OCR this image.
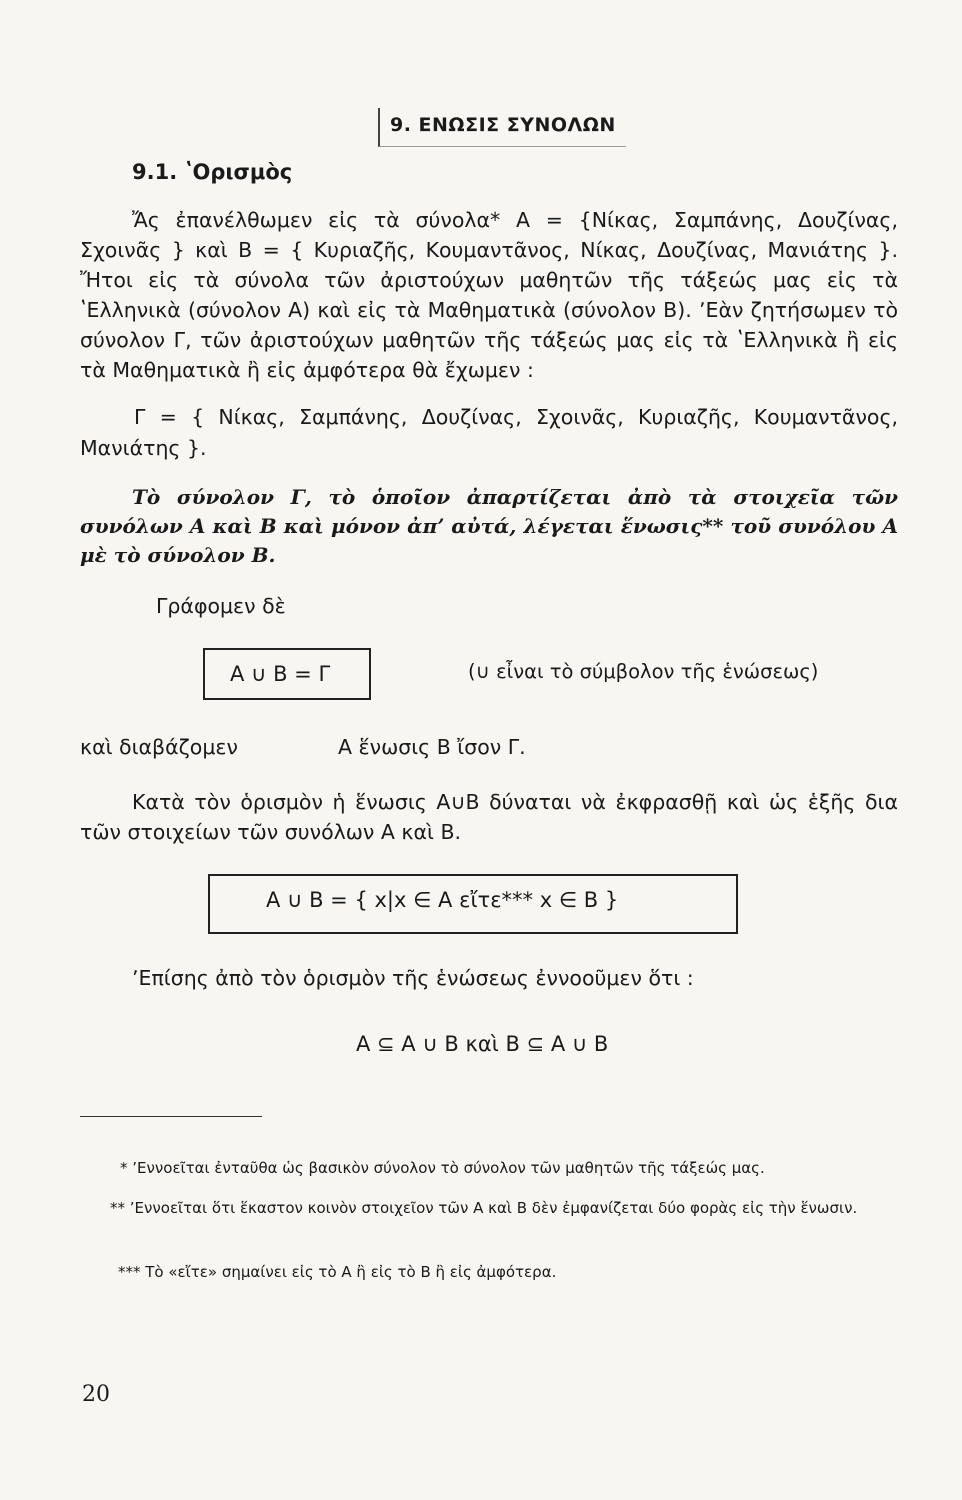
9. ΕΝΩΣΙΣ ΣΥΝΟΛΩΝ
9.1. ʽΟρισμὸς

Ἄς ἐπανέλθωμεν εἰς τὰ σύνολα* A = {Νίκας, Σαμπάνης, Δουζίνας, Σχοινᾶς } καὶ B = { Κυριαζῆς, Κουμαντᾶνος, Νίκας, Δουζίνας, Μανιάτης }. Ἤτοι εἰς τὰ σύνολα τῶν ἀριστούχων μαθητῶν τῆς τάξεώς μας εἰς τὰ ʽΕλληνικὰ (σύνολον A) καὶ εἰς τὰ Μαθηματικὰ (σύνολον B). ʼΕὰν ζητήσωμεν τὸ σύνολον Γ, τῶν ἀριστούχων μαθητῶν τῆς τάξεώς μας εἰς τὰ ʽΕλληνικὰ ἢ εἰς τὰ Μαθηματικὰ ἢ εἰς ἀμφότερα θὰ ἔχωμεν :

Γ = { Νίκας, Σαμπάνης, Δουζίνας, Σχοινᾶς, Κυριαζῆς, Κουμαντᾶνος, Μανιάτης }.

Τὸ σύνολον Γ, τὸ ὁποῖον ἀπαρτίζεται ἀπὸ τὰ στοιχεῖα τῶν συνόλων A καὶ B καὶ μόνον ἀπʼ αὐτά, λέγεται ἕνωσις** τοῦ συνόλου A μὲ τὸ σύνολον B.

Γράφομεν δὲ
A ∪ B = Γ	(∪ εἶναι τὸ σύμβολον τῆς ἑνώσεως)
καὶ διαβάζομεν	A ἕνωσις B ἴσον Γ.

Κατὰ τὸν ὁρισμὸν ἡ ἕνωσις A∪B δύναται νὰ ἐκφρασθῇ καὶ ὡς ἑξῆς δια τῶν στοιχείων τῶν συνόλων A καὶ B.

A ∪ B = { x|x ∈ A εἴτε*** x ∈ B }
ʼΕπίσης ἀπὸ τὸν ὁρισμὸν τῆς ἑνώσεως ἐννοοῦμεν ὅτι :
A ⊆ A ∪ B καὶ B ⊆ A ∪ B
* ʼΕννοεῖται ἐνταῦθα ὡς βασικὸν σύνολον τὸ σύνολον τῶν μαθητῶν τῆς τάξεώς μας.

** ʼΕννοεῖται ὅτι ἕκαστον κοινὸν στοιχεῖον τῶν A καὶ B δὲν ἐμφανίζεται δύο φορὰς εἰς τὴν ἕνωσιν.

*** Τὸ «εἴτε» σημαίνει εἰς τὸ A ἢ εἰς τὸ B ἢ εἰς ἀμφότερα.
20
